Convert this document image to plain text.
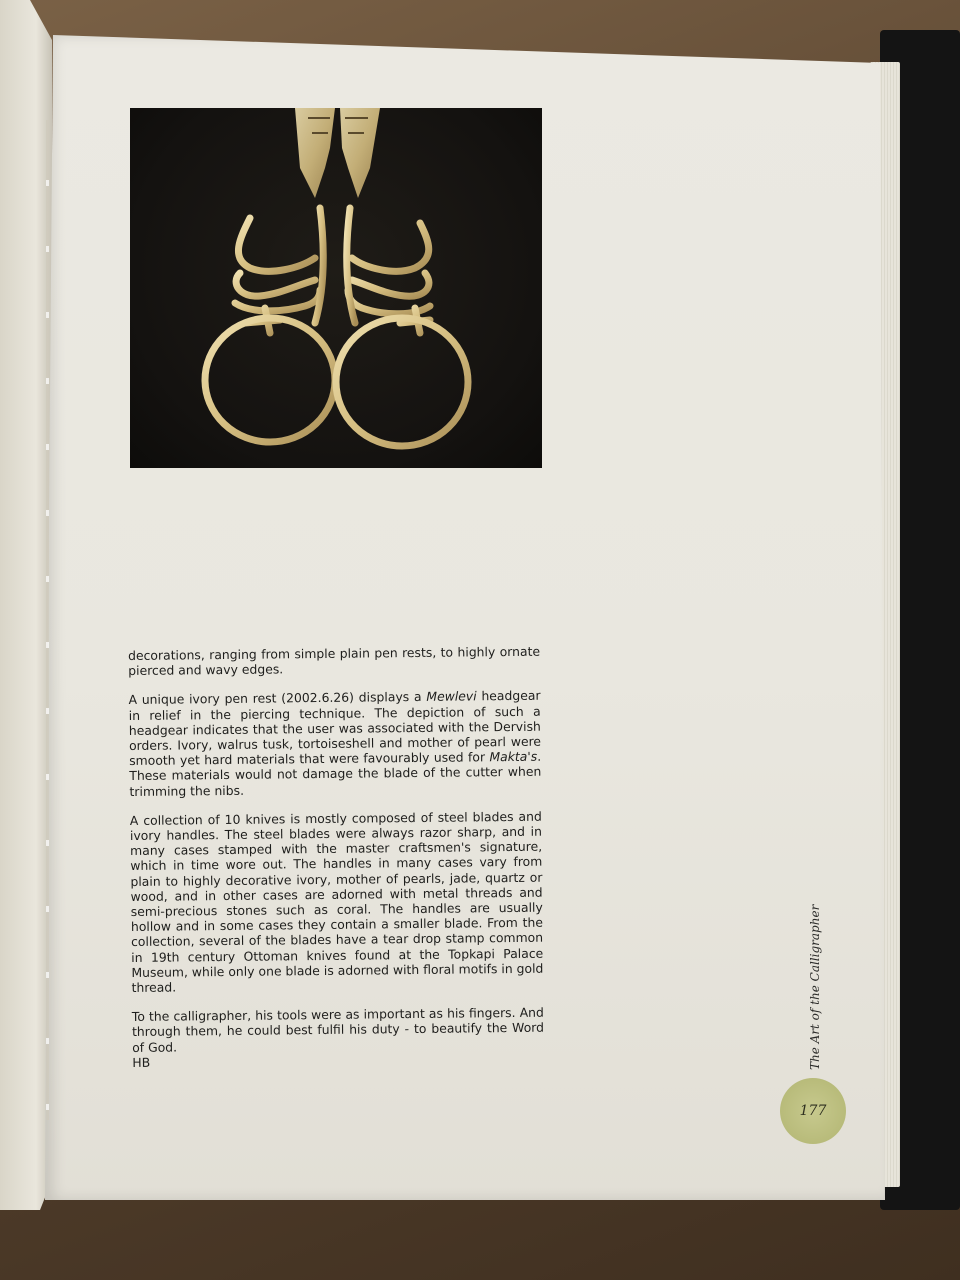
decorations, ranging from simple plain pen rests, to highly ornate pierced and wavy edges.

A unique ivory pen rest (2002.6.26) displays a Mewlevi headgear in relief in the piercing technique. The depiction of such a headgear indicates that the user was associated with the Dervish orders. Ivory, walrus tusk, tortoiseshell and mother of pearl were smooth yet hard materials that were favourably used for Makta's. These materials would not damage the blade of the cutter when trimming the nibs.

A collection of 10 knives is mostly composed of steel blades and ivory handles. The steel blades were always razor sharp, and in many cases stamped with the master craftsmen's signature, which in time wore out. The handles in many cases vary from plain to highly decorative ivory, mother of pearls, jade, quartz or wood, and in other cases are adorned with metal threads and semi-precious stones such as coral. The handles are usually hollow and in some cases they contain a smaller blade. From the collection, several of the blades have a tear drop stamp common in 19th century Ottoman knives found at the Topkapi Palace Museum, while only one blade is adorned with floral motifs in gold thread.

To the calligrapher, his tools were as important as his fingers. And through them, he could best fulfil his duty - to beautify the Word of God.

HB	The Art of the Calligrapher
177
